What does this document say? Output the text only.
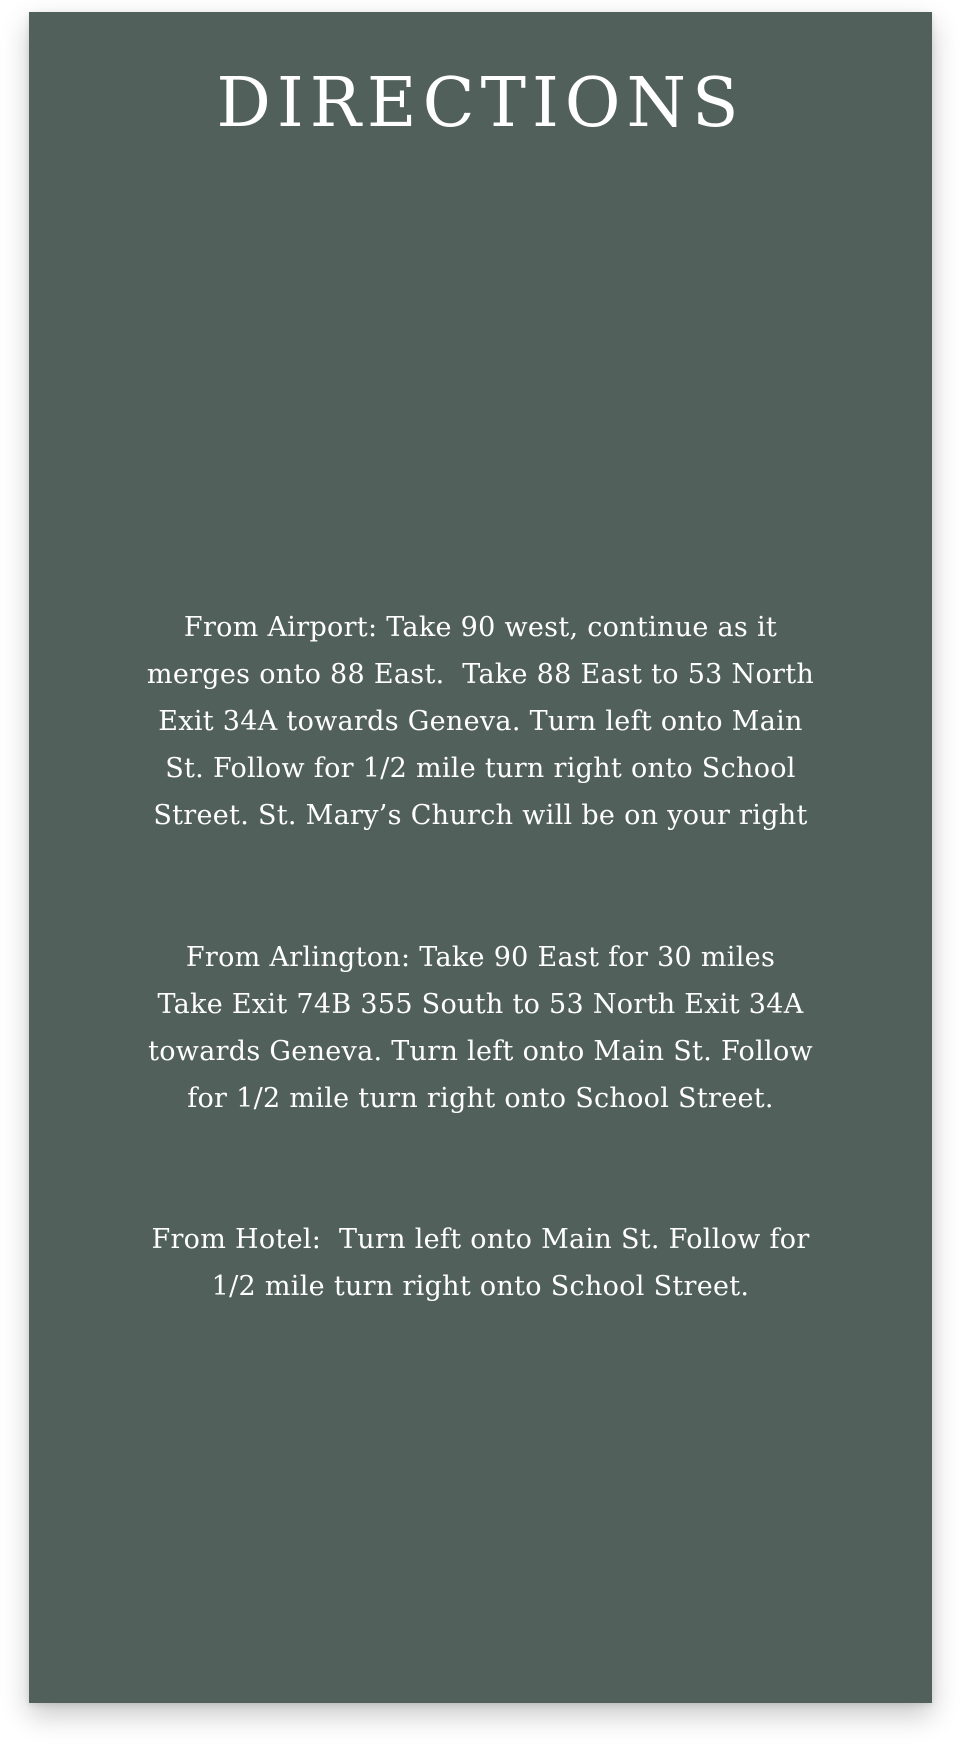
DIRECTIONS

From Airport: Take 90 west, continue as it
merges onto 88 East.  Take 88 East to 53 North
Exit 34A towards Geneva. Turn left onto Main
St. Follow for 1/2 mile turn right onto School
Street. St. Mary’s Church will be on your right

From Arlington: Take 90 East for 30 miles
Take Exit 74B 355 South to 53 North Exit 34A
towards Geneva. Turn left onto Main St. Follow
for 1/2 mile turn right onto School Street.

From Hotel:  Turn left onto Main St. Follow for
1/2 mile turn right onto School Street.
